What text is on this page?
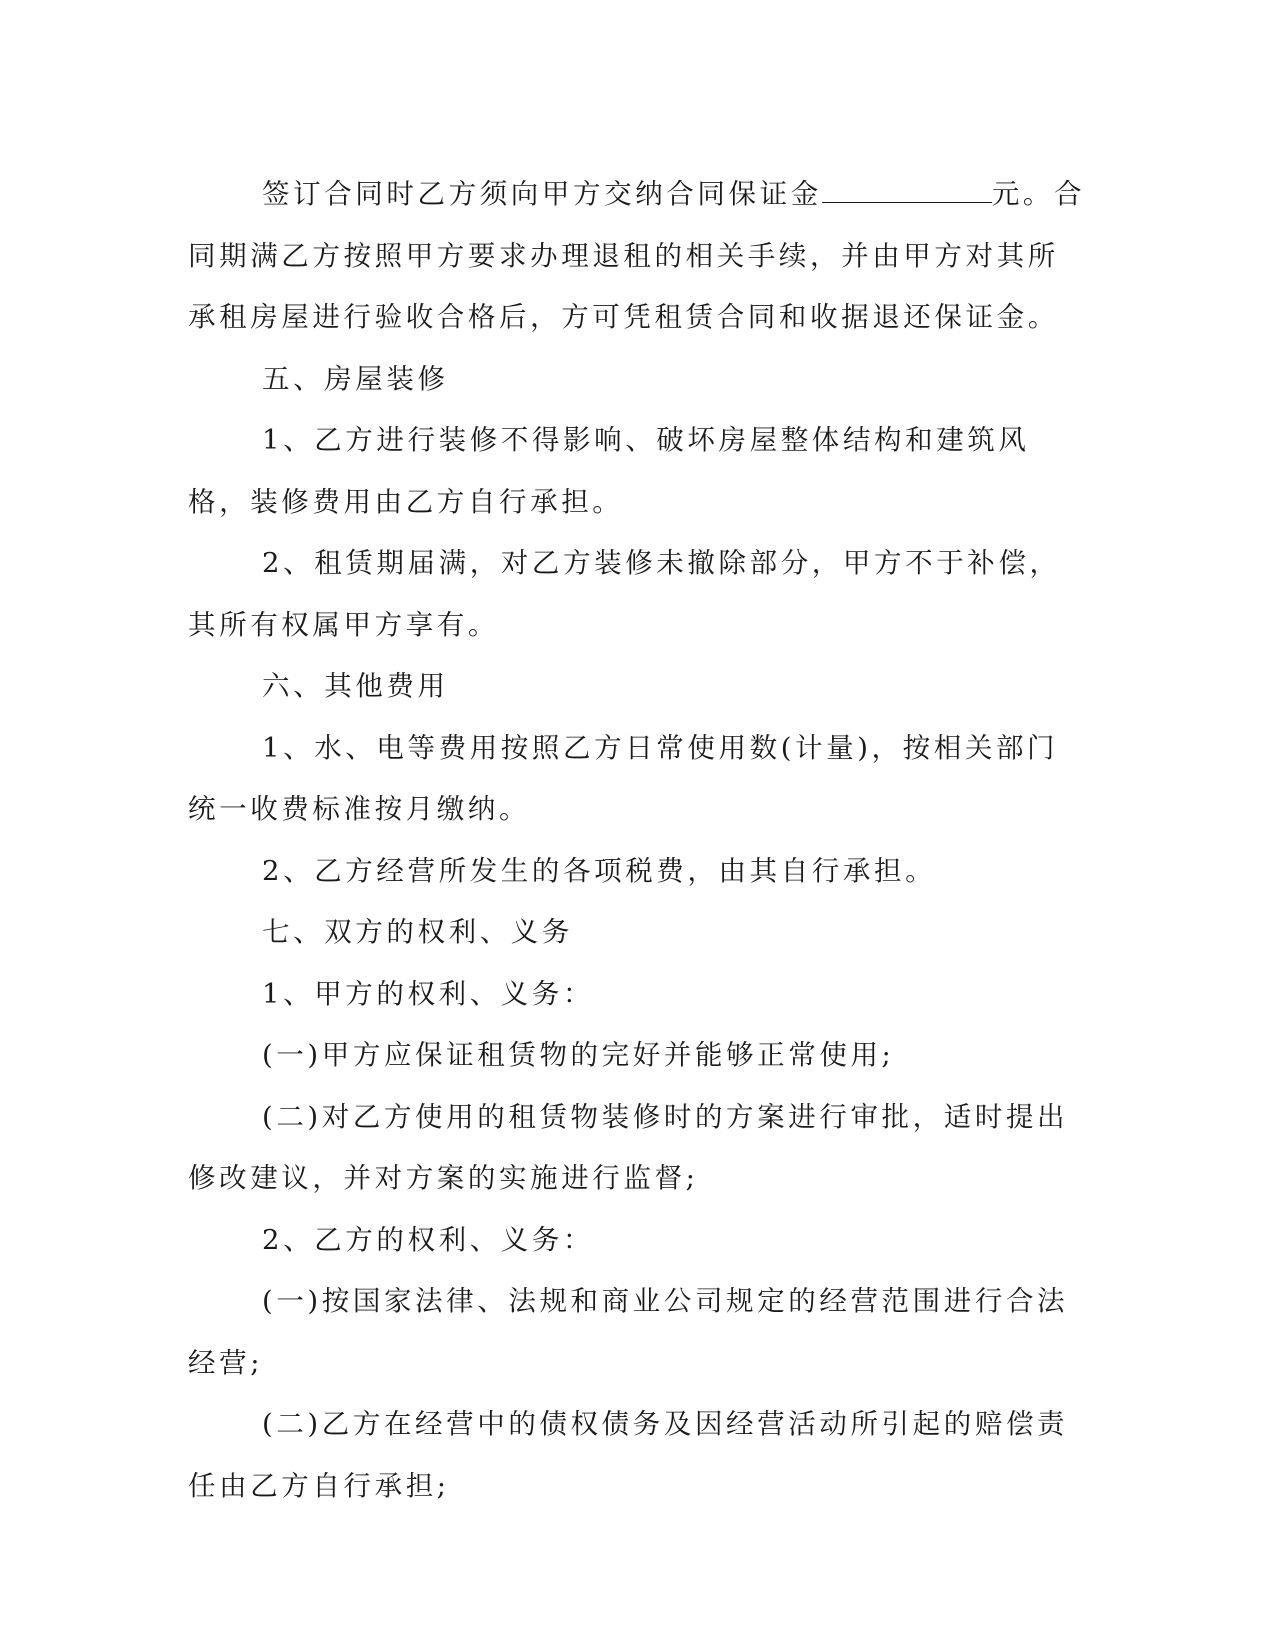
签订合同时乙方须向甲方交纳合同保证金	元。合同期满乙方按照甲方要求办理退租的相关手续，并由甲方对其所承租房屋进行验收合格后，方可凭租赁合同和收据退还保证金。

五、房屋装修

1、乙方进行装修不得影响、破坏房屋整体结构和建筑风格，装修费用由乙方自行承担。

2、租赁期届满，对乙方装修未撤除部分，甲方不于补偿，其所有权属甲方享有。

六、其他费用

1、水、电等费用按照乙方日常使用数(计量)，按相关部门统一收费标准按月缴纳。

2、乙方经营所发生的各项税费，由其自行承担。

七、双方的权利、义务

1、甲方的权利、义务：

(一)甲方应保证租赁物的完好并能够正常使用;

(二)对乙方使用的租赁物装修时的方案进行审批，适时提出修改建议，并对方案的实施进行监督;

2、乙方的权利、义务：

(一)按国家法律、法规和商业公司规定的经营范围进行合法经营;

(二)乙方在经营中的债权债务及因经营活动所引起的赔偿责任由乙方自行承担;
